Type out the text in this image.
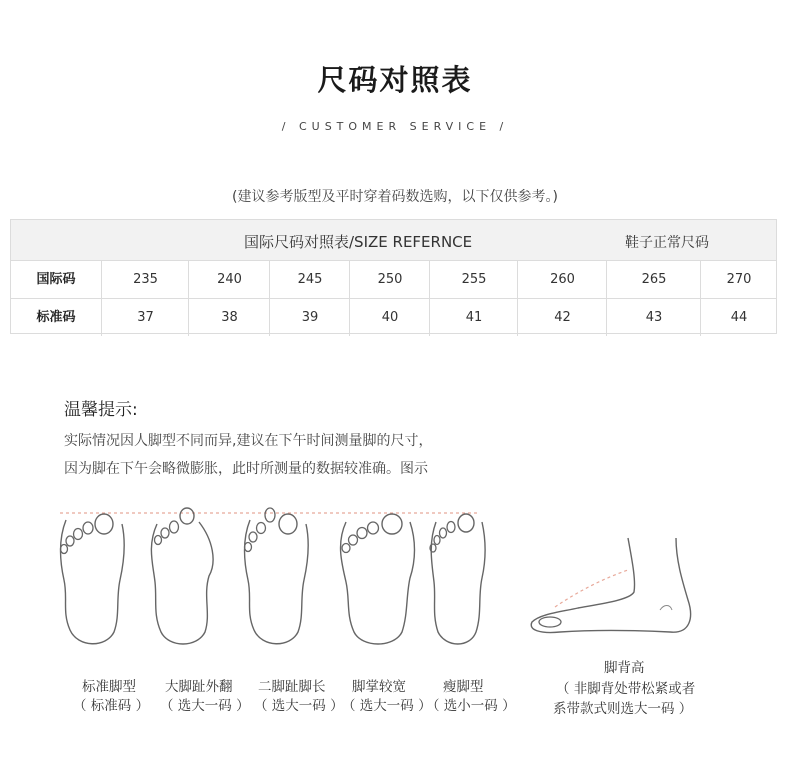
尺码对照表
/ CUSTOMER SERVICE /
(建议参考版型及平时穿着码数选购，以下仅供参考。)
国际尺码对照表/SIZE REFERNCE	鞋子正常尺码
国际码	235	240	245	250	255	260	265	270
标准码	37	38	39	40	41	42	43	44
温馨提示:
实际情况因人脚型不同而异,建议在下午时间测量脚的尺寸，
因为脚在下午会略微膨胀，此时所测量的数据较准确。图示
标准脚型
（ 标准码 ）
大脚趾外翻
（ 选大一码 ）
二脚趾脚长
（ 选大一码 ）
脚掌较宽
（ 选大一码 ）
瘦脚型
（ 选小一码 ）
脚背高
（ 非脚背处带松紧或者
系带款式则选大一码 ）
